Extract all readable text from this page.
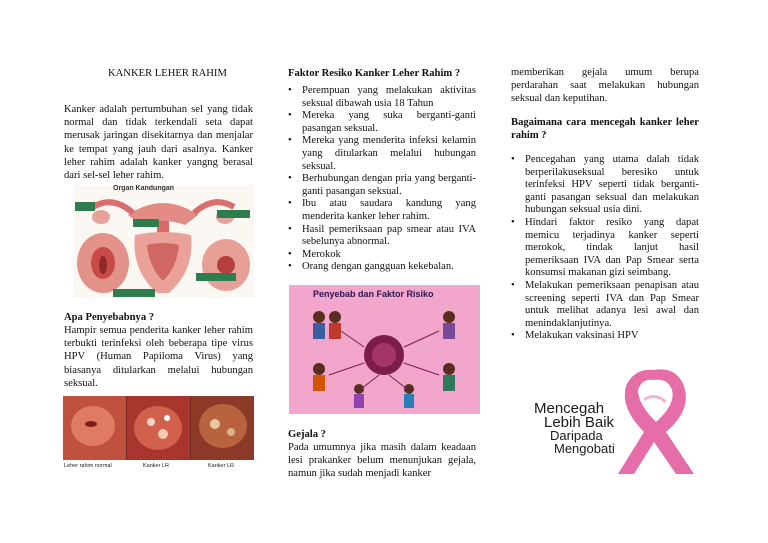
KANKER LEHER RAHIM
Kanker adalah pertumbuhan sel yang tidak normal dan tidak terkendali seta dapat merusak jaringan disekitarnya dan menjalar ke tempat yang jauh dari asalnya. Kanker leher rahim adalah kanker yangng berasal dari sel-sel leher rahim.
Organ Kandungan
Apa Penyebabnya ?
Hampir semua penderita kanker leher rahim terbukti terinfeksi oleh beberapa tipe virus HPV (Human Papiloma Virus) yang biasanya ditularkan melalui hubungan seksual.
Leher rahim normal	Kanker LR	Kanker LR
Faktor Resiko Kanker Leher Rahim ?
• Perempuan yang melakukan aktivitas seksual dibawah usia 18 Tahun
• Mereka yang suka berganti-ganti pasangan seksual.
• Mereka yang menderita infeksi kelamin yang ditularkan melalui hubungan seksual.
• Berhubungan dengan pria yang berganti-ganti pasangan seksual.
• Ibu atau saudara kandung yang menderita kanker leher rahim.
• Hasil pemeriksaan pap smear atau IVA sebelunya abnormal.
• Merokok
• Orang dengan gangguan kekebalan.
Penyebab dan Faktor Risiko
Gejala ?
Pada umumnya jika masih dalam keadaan lesi prakanker belum menunjukan gejala, namun jika sudah menjadi kanker
memberikan gejala umum berupa perdarahan saat melakukan hubungan seksual dan keputihan.
Bagaimana cara mencegah kanker leher rahim ?
• Pencegahan yang utama dalah tidak berperilakuseksual beresiko untuk terinfeksi HPV seperti tidak berganti-ganti pasangan seksual dan melakukan hubungan seksual usia dini.
• Hindari faktor resiko yang dapat memicu terjadinya kanker seperti merokok, tindak lanjut hasil pemeriksaan IVA dan Pap Smear serta konsumsi makanan gizi seimbang.
• Melakukan pemeriksaan penapisan atau screening seperti IVA dan Pap Smear untuk melihat adanya lesi awal dan menindaklanjutinya.
• Melakukan vaksinasi HPV
Mencegah
Lebih Baik
Daripada
Mengobati
